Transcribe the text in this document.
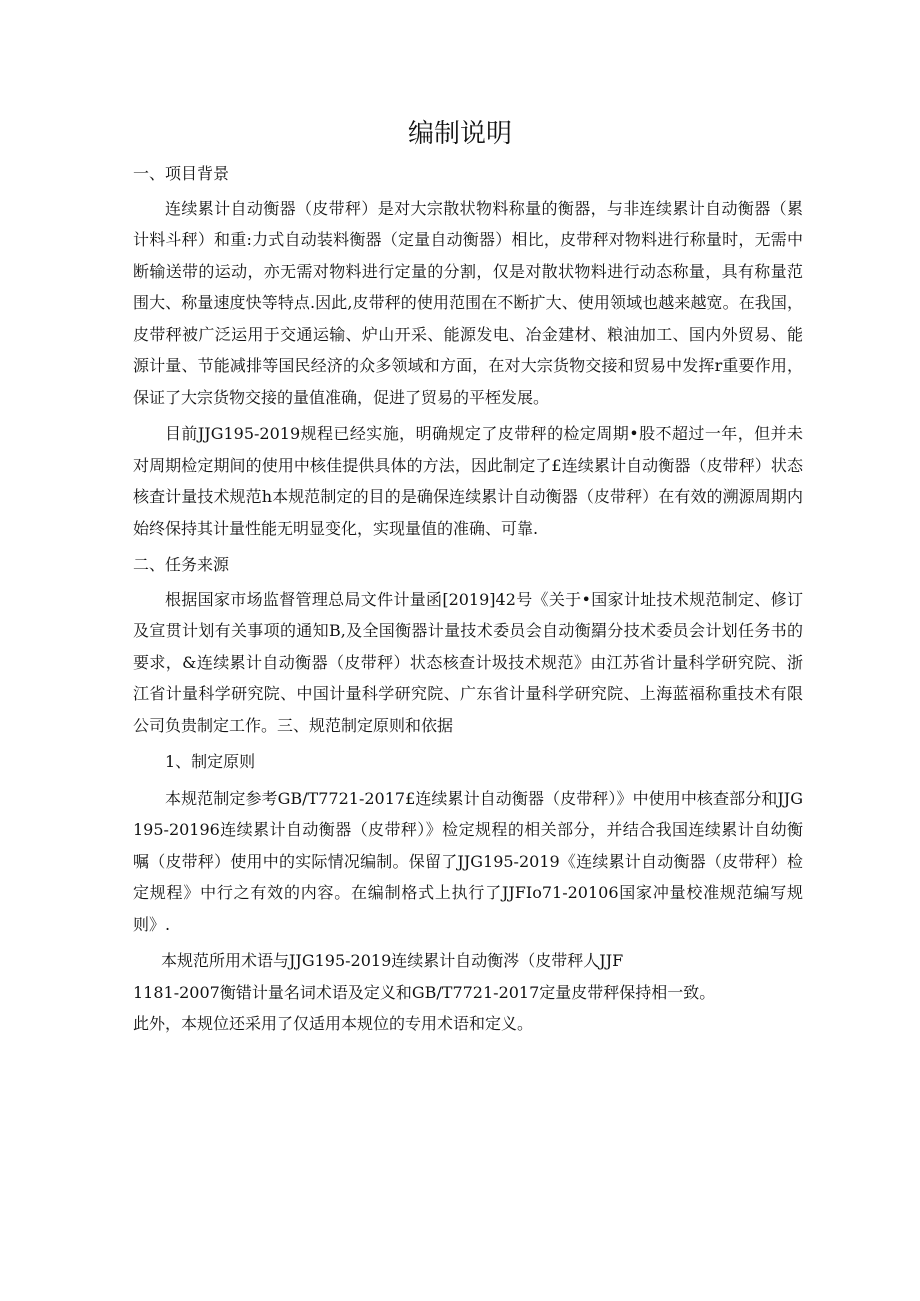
编制说明

一、项目背景

连续累计自动衡器（皮带秤）是对大宗散状物料称量的衡器，与非连续累计自动衡器（累计料斗秤）和重:力式自动装料衡器（定量自动衡器）相比，皮带秤对物料进行称量时，无需中断输送带的运动，亦无需对物料进行定量的分割，仅是对散状物料进行动态称量，具有称量范围大、称量速度快等特点.因此,皮带秤的使用范围在不断扩大、使用领域也越来越宽。在我国，皮带秤被广泛运用于交通运输、炉山开采、能源发电、冶金建材、粮油加工、国内外贸易、能源计量、节能减排等国民经济的众多领域和方面，在对大宗货物交接和贸易中发挥r重要作用，保证了大宗货物交接的量值准确，促进了贸易的平桎发展。

目前JJG195-2019规程已经实施，明确规定了皮带秤的检定周期•股不超过一年，但并未对周期检定期间的使用中核佳提供具体的方法，因此制定了£连续累计自动衡器（皮带秤）状态核査计量技术规范h本规范制定的目的是确保连续累计自动衡器（皮带秤）在有效的溯源周期内始终保持其计量性能无明显变化，实现量值的准确、可靠.

二、任务来源

根据国家市场监督管理总局文件计量函[2019]42号《关于•国家计址技术规范制定、修订及宣贯计划有关事项的通知B,及全国衡器计量技术委员会自动衡羂分技术委员会计划任务书的要求，&连续累计自动衡器（皮带秤）状态核查计圾技术规范》由江苏省计量科学研究院、浙江省计量科学研究院、中国计量科学研究院、广东省计量科学研究院、上海蓝福称重技术有限公司负贵制定工作。三、规范制定原则和依据

1、制定原则

本规范制定参考GB/T7721-2017£连续累计自动衡器（皮带秤）》中使用中核查部分和JJG195-20196连续累计自动衡器（皮带秤）》检定规程的相关部分，并结合我国连续累计自幼衡嘱（皮带秤）使用中的实际情况编制。保留了JJG195-2019《连续累计自动衡器（皮带秤）检定规程》中行之有效的内容。在编制格式上执行了JJFIo71-20106国家冲量校准规范编写规则》.

本规范所用术语与JJG195-2019连续累计自动衡涔（皮带秤人JJF

1181-2007衡错计量名词术语及定义和GB/T7721-2017定量皮带秤保持相一致。

此外，本规位还采用了仅适用本规位的专用术语和定义。
